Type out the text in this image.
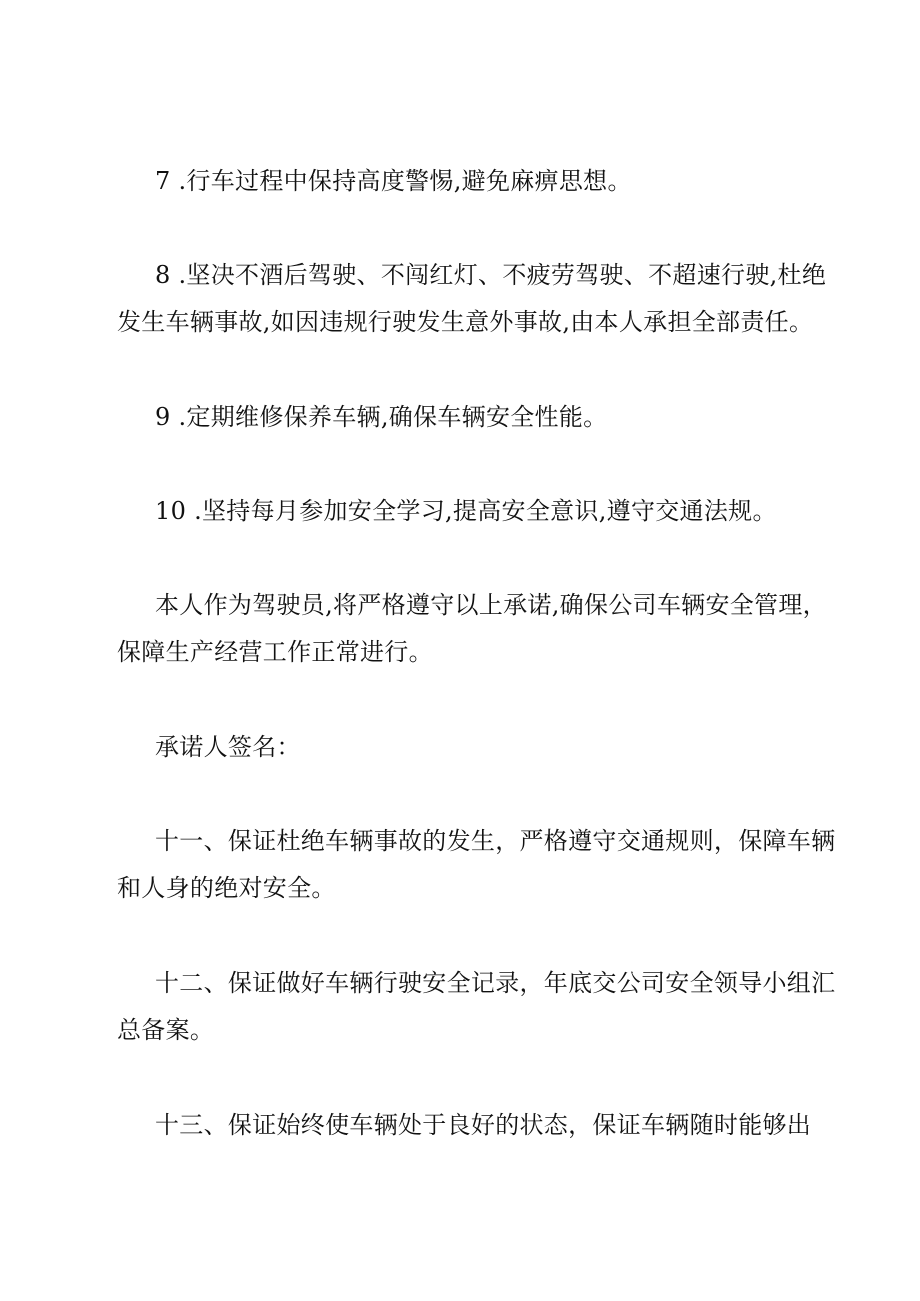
7 .行车过程中保持高度警惕,避免麻痹思想。

8 .坚决不酒后驾驶、不闯红灯、不疲劳驾驶、不超速行驶,杜绝
发生车辆事故,如因违规行驶发生意外事故,由本人承担全部责任。

9 .定期维修保养车辆,确保车辆安全性能。

10 .坚持每月参加安全学习,提高安全意识,遵守交通法规。

本人作为驾驶员,将严格遵守以上承诺,确保公司车辆安全管理，
保障生产经营工作正常进行。

承诺人签名：

十一、保证杜绝车辆事故的发生，严格遵守交通规则，保障车辆
和人身的绝对安全。

十二、保证做好车辆行驶安全记录，年底交公司安全领导小组汇
总备案。

十三、保证始终使车辆处于良好的状态，保证车辆随时能够出
